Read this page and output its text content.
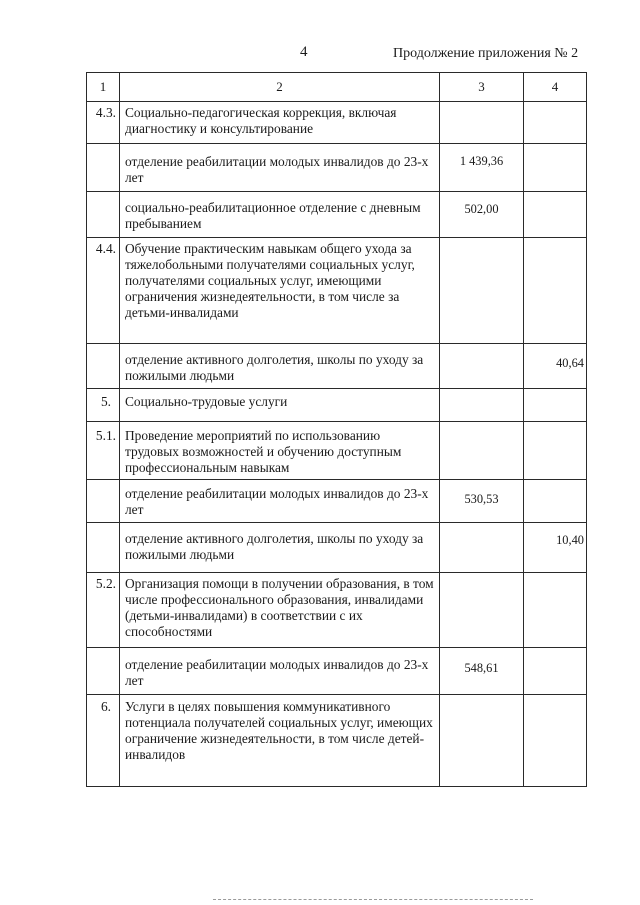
4	Продолжение приложения № 2
1	2	3	4
4.3.	Социально-педагогическая коррекция, включая диагностику и консультирование		
	отделение реабилитации молодых инвалидов до 23-х лет	1 439,36	
	социально-реабилитационное отделение с дневным пребыванием	502,00	
4.4.	Обучение практическим навыкам общего ухода за тяжелобольными получателями социальных услуг, получателями социальных услуг, имеющими ограничения жизнедеятельности, в том числе за детьми-инвалидами		
	отделение активного долголетия, школы по уходу за пожилыми людьми		40,64
5.	Социально-трудовые услуги		
5.1.	Проведение мероприятий по использованию трудовых возможностей и обучению доступным профессиональным навыкам		
	отделение реабилитации молодых инвалидов до 23-х лет	530,53	
	отделение активного долголетия, школы по уходу за пожилыми людьми		10,40
5.2.	Организация помощи в получении образования, в том числе профессионального образования, инвалидами (детьми-инвалидами) в соответствии с их способностями		
	отделение реабилитации молодых инвалидов до 23-х лет	548,61	
6.	Услуги в целях повышения коммуникативного потенциала получателей социальных услуг, имеющих ограничение жизнедеятельности, в том числе детей-инвалидов		
